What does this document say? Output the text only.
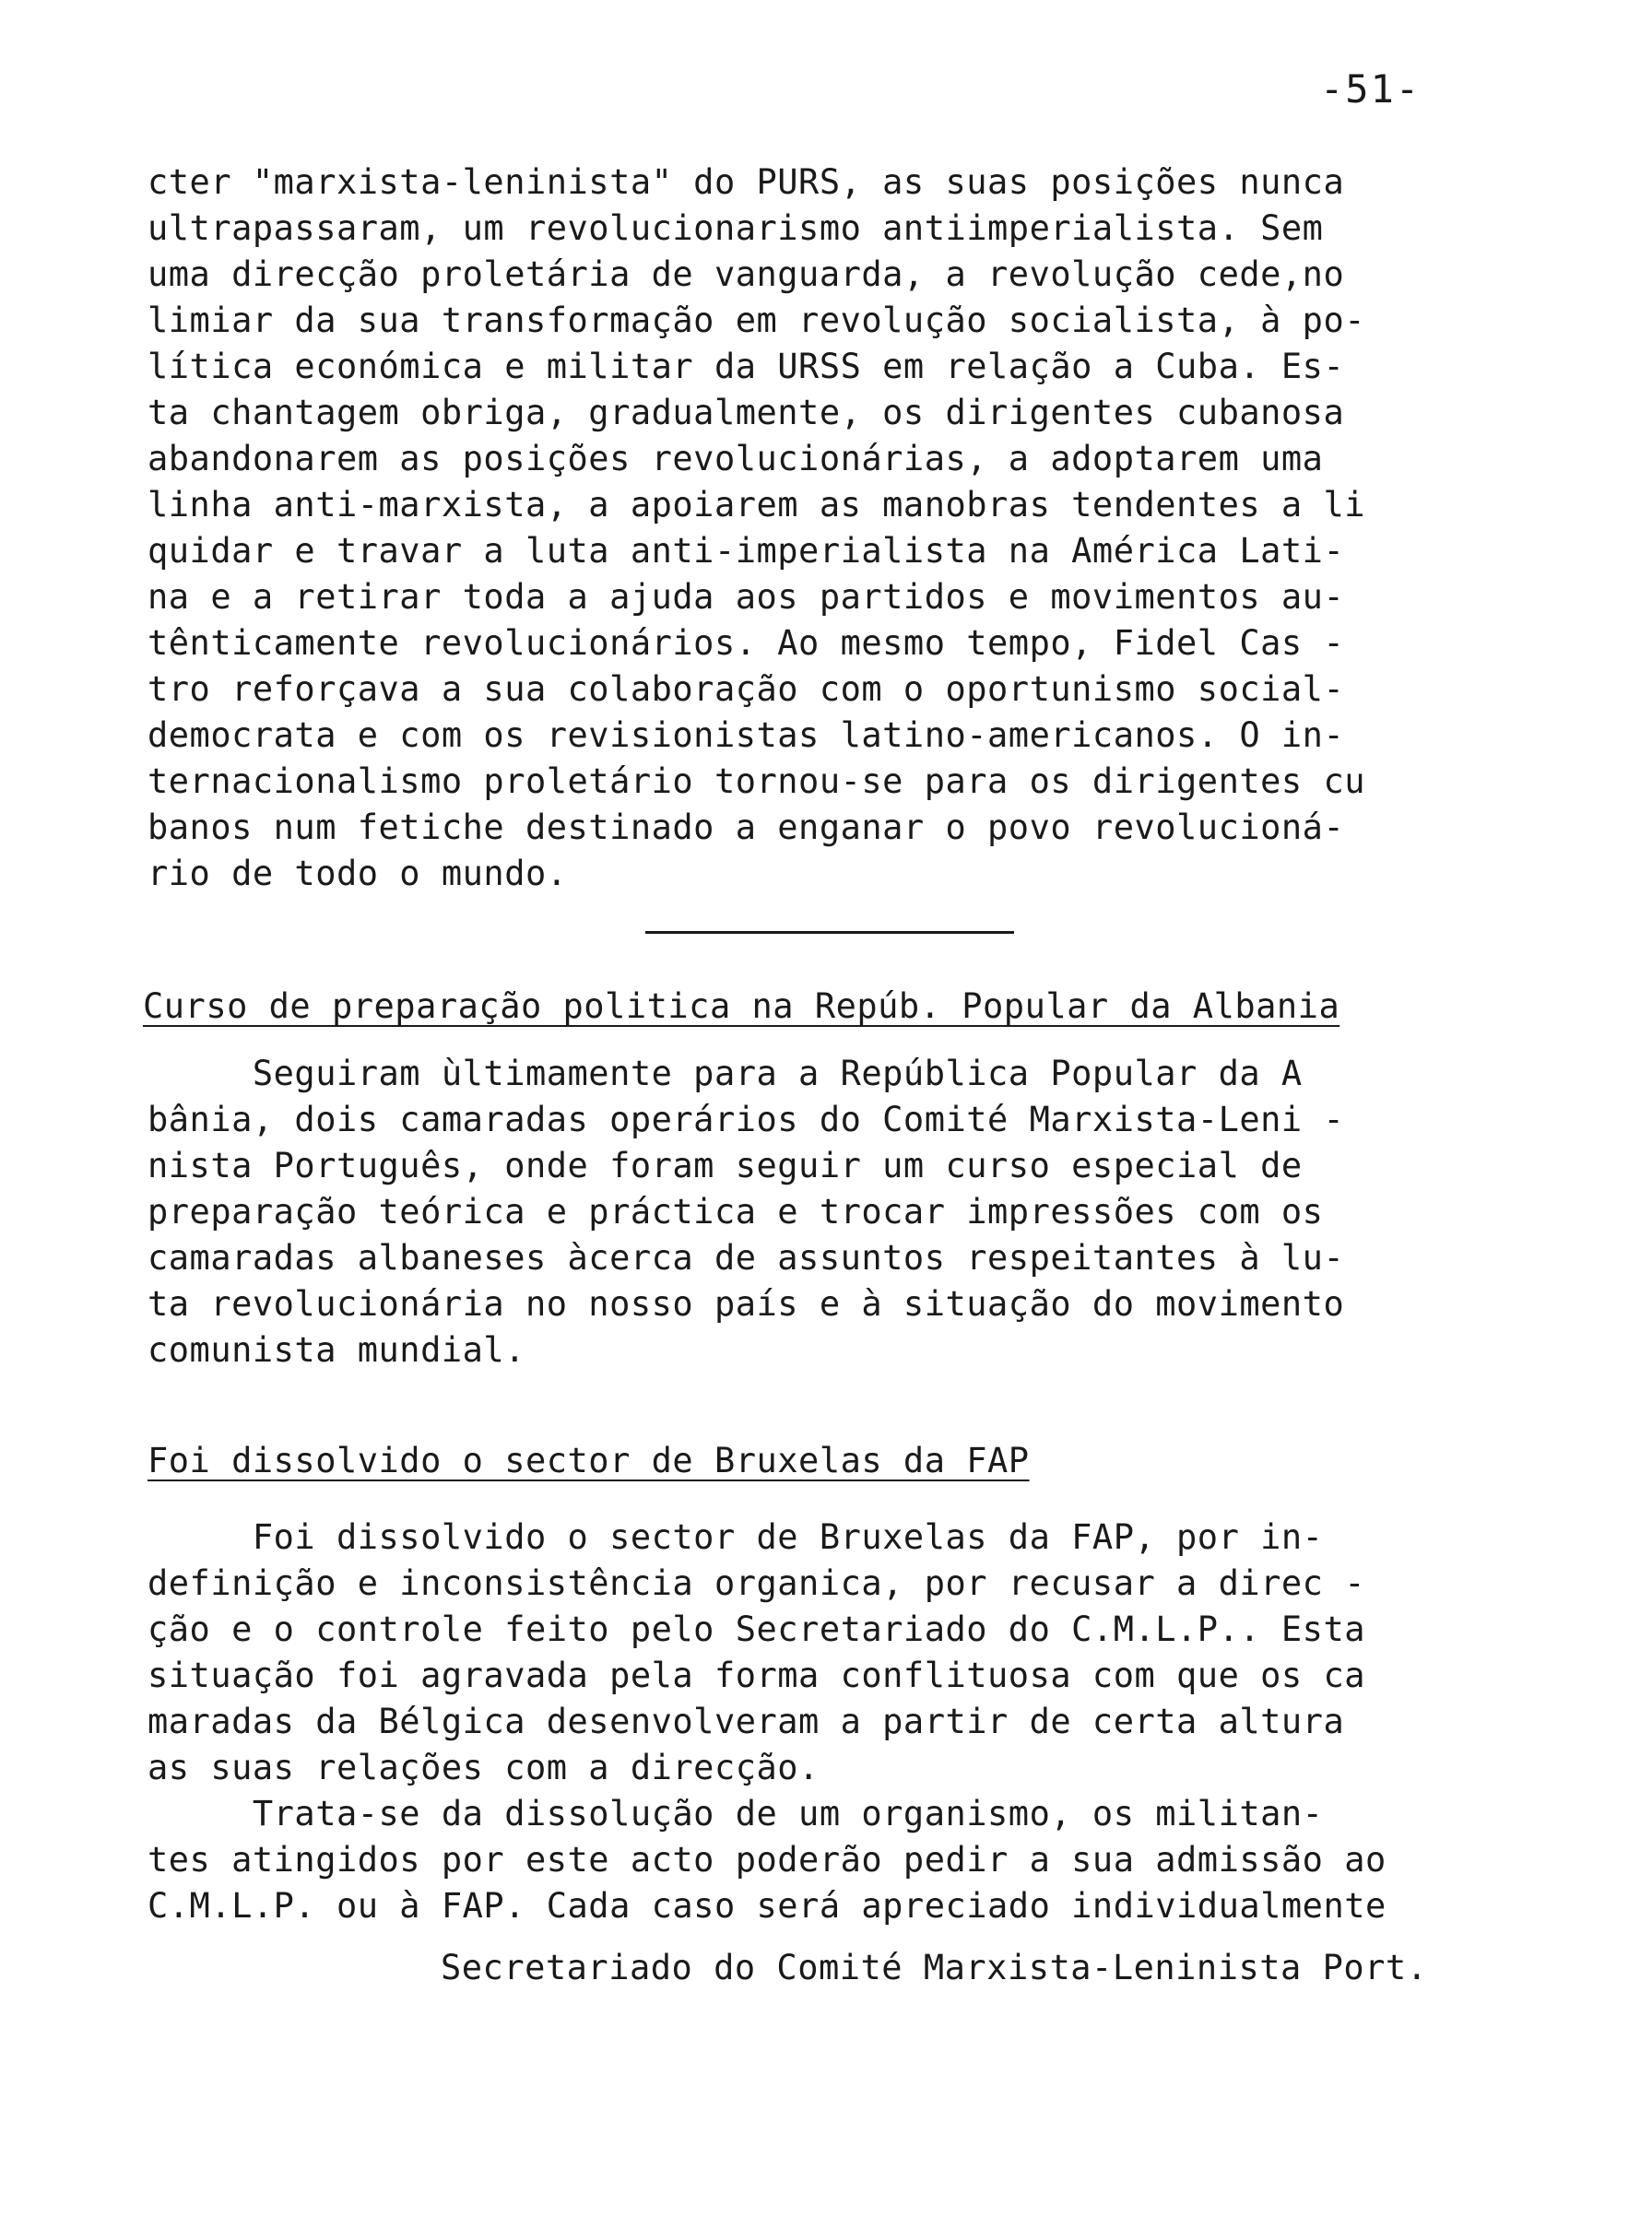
-51-
cter "marxista-leninista" do PURS, as suas posições nunca
ultrapassaram, um revolucionarismo antiimperialista. Sem
uma direcção proletária de vanguarda, a revolução cede,no
limiar da sua transformação em revolução socialista, à po-
lítica económica e militar da URSS em relação a Cuba. Es-
ta chantagem obriga, gradualmente, os dirigentes cubanosa
abandonarem as posições revolucionárias, a adoptarem uma
linha anti-marxista, a apoiarem as manobras tendentes a li
quidar e travar a luta anti-imperialista na América Lati-
na e a retirar toda a ajuda aos partidos e movimentos au-
tênticamente revolucionários. Ao mesmo tempo, Fidel Cas -
tro reforçava a sua colaboração com o oportunismo social-
democrata e com os revisionistas latino-americanos. O in-
ternacionalismo proletário tornou-se para os dirigentes cu
banos num fetiche destinado a enganar o povo revolucioná-
rio de todo o mundo.
Curso de preparação politica na Repúb. Popular da Albania
Seguiram ùltimamente para a República Popular da A
bânia, dois camaradas operários do Comité Marxista-Leni -
nista Português, onde foram seguir um curso especial de
preparação teórica e práctica e trocar impressões com os
camaradas albaneses àcerca de assuntos respeitantes à lu-
ta revolucionária no nosso país e à situação do movimento
comunista mundial.
Foi dissolvido o sector de Bruxelas da FAP
Foi dissolvido o sector de Bruxelas da FAP, por in-
definição e inconsistência organica, por recusar a direc -
ção e o controle feito pelo Secretariado do C.M.L.P.. Esta
situação foi agravada pela forma conflituosa com que os ca
maradas da Bélgica desenvolveram a partir de certa altura
as suas relações com a direcção.
Trata-se da dissolução de um organismo, os militan-
tes atingidos por este acto poderão pedir a sua admissão ao
C.M.L.P. ou à FAP. Cada caso será apreciado individualmente
Secretariado do Comité Marxista-Leninista Port.
